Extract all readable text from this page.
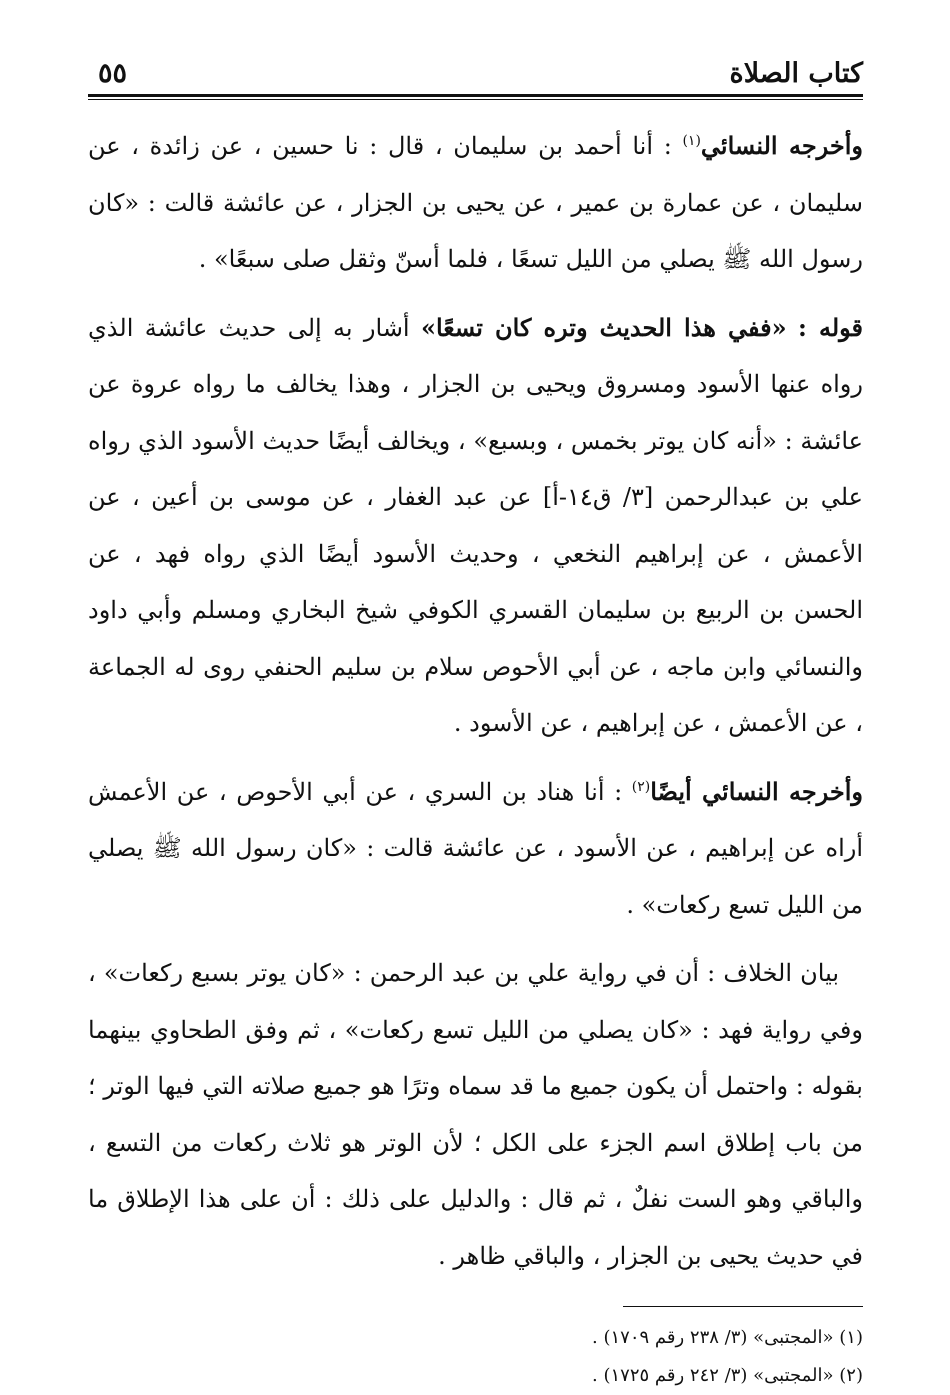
كتاب الصلاة
٥٥

وأخرجه النسائي$^{(١)}$ : أنا أحمد بن سليمان ، قال : نا حسين ، عن زائدة ، عن سليمان ، عن عمارة بن عمير ، عن يحيى بن الجزار ، عن عائشة قالت : «كان رسول الله ﷺ يصلي من الليل تسعًا ، فلما أسنّ وثقل صلى سبعًا» .

قوله : «ففي هذا الحديث وتره كان تسعًا» أشار به إلى حديث عائشة الذي رواه عنها الأسود ومسروق ويحيى بن الجزار ، وهذا يخالف ما رواه عروة عن عائشة : «أنه كان يوتر بخمس ، وبسبع» ، ويخالف أيضًا حديث الأسود الذي رواه علي بن عبدالرحمن [٣/ ق١٤-أ] عن عبد الغفار ، عن موسى بن أعين ، عن الأعمش ، عن إبراهيم النخعي ، وحديث الأسود أيضًا الذي رواه فهد ، عن الحسن بن الربيع بن سليمان القسري الكوفي شيخ البخاري ومسلم وأبي داود والنسائي وابن ماجه ، عن أبي الأحوص سلام بن سليم الحنفي روى له الجماعة ، عن الأعمش ، عن إبراهيم ، عن الأسود .

وأخرجه النسائي أيضًا$^{(٢)}$ : أنا هناد بن السري ، عن أبي الأحوص ، عن الأعمش أراه عن إبراهيم ، عن الأسود ، عن عائشة قالت : «كان رسول الله ﷺ يصلي من الليل تسع ركعات» .

بيان الخلاف : أن في رواية علي بن عبد الرحمن : «كان يوتر بسبع ركعات» ، وفي رواية فهد : «كان يصلي من الليل تسع ركعات» ، ثم وفق الطحاوي بينهما بقوله : واحتمل أن يكون جميع ما قد سماه وترًا هو جميع صلاته التي فيها الوتر ؛ من باب إطلاق اسم الجزء على الكل ؛ لأن الوتر هو ثلاث ركعات من التسع ، والباقي وهو الست نفلٌ ، ثم قال : والدليل على ذلك : أن على هذا الإطلاق ما في حديث يحيى بن الجزار ، والباقي ظاهر .

(١) «المجتبى» (٣/ ٢٣٨ رقم ١٧٠٩) .

(٢) «المجتبى» (٣/ ٢٤٢ رقم ١٧٢٥) .
